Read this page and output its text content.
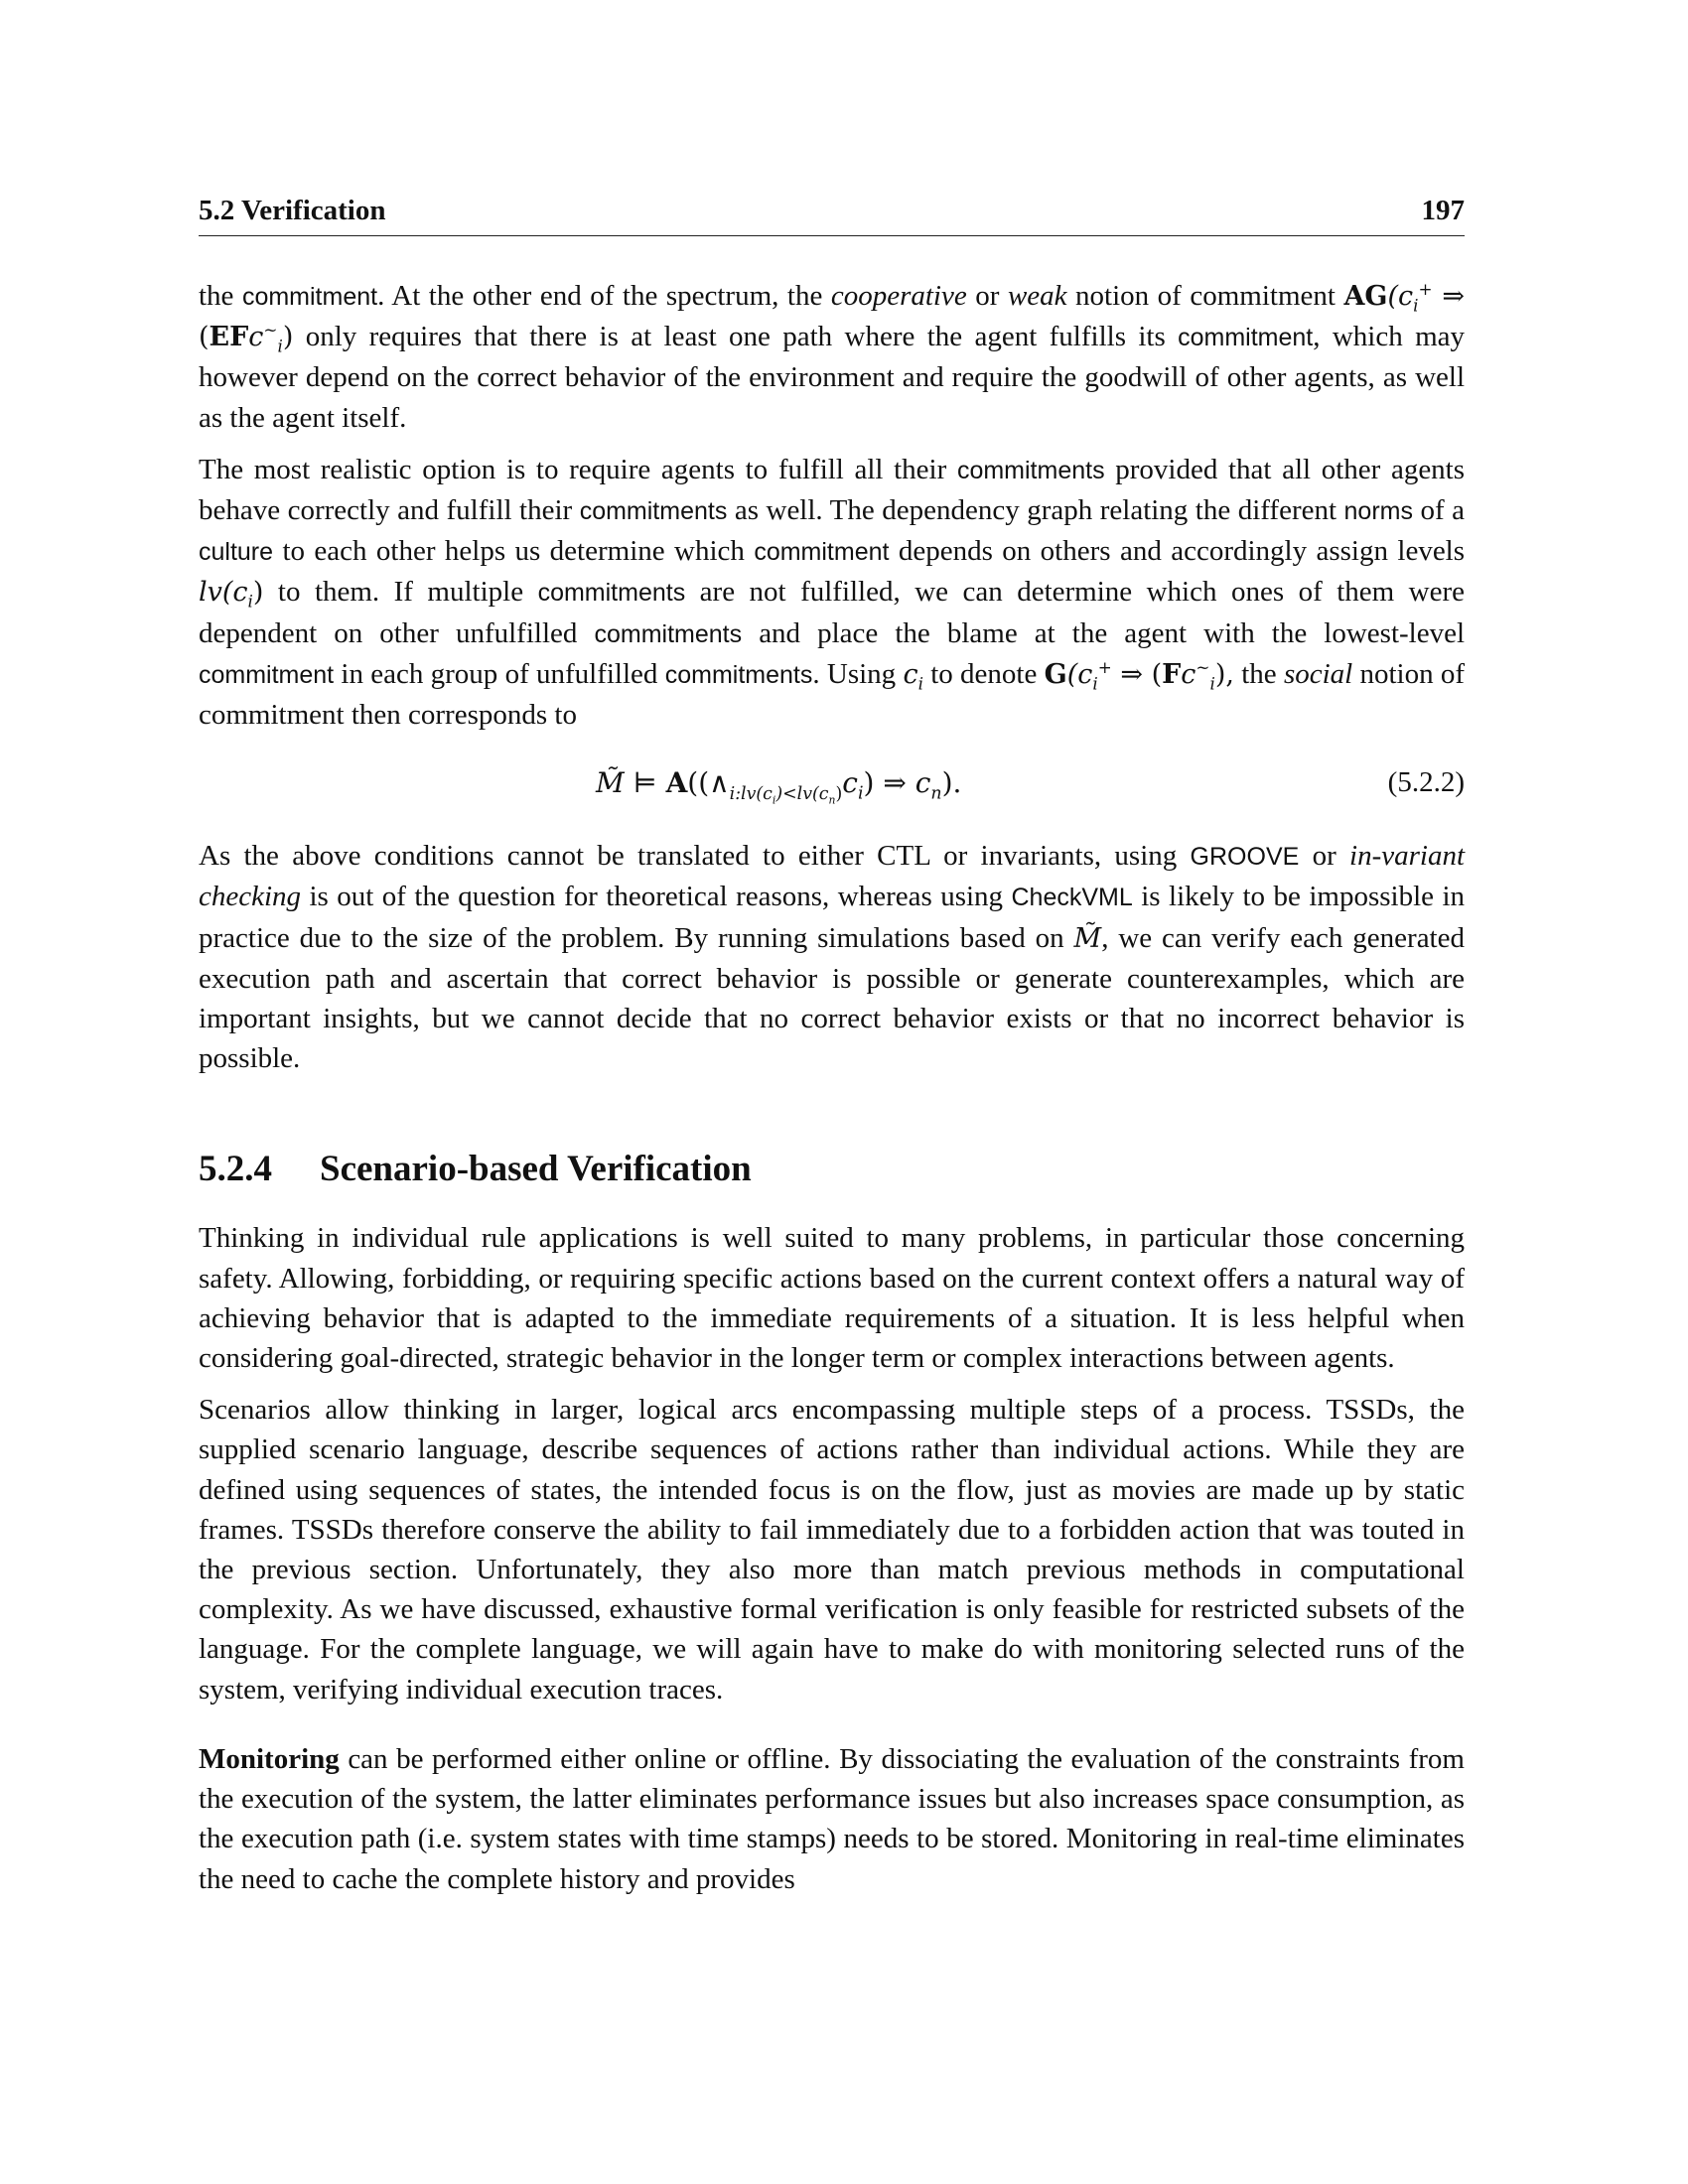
5.2 Verification	197

the commitment. At the other end of the spectrum, the cooperative or weak notion of commitment $AG(c_i^+$ ⇒ (EFc~$_i$) only requires that there is at least one path where the agent fulfills its commitment, which may however depend on the correct behavior of the environment and require the goodwill of other agents, as well as the agent itself.

The most realistic option is to require agents to fulfill all their commitments provided that all other agents behave correctly and fulfill their commitments as well. The dependency graph relating the different norms of a culture to each other helps us determine which commitment depends on others and accordingly assign levels $lv(c_i)$ to them. If multiple commitments are not fulfilled, we can determine which ones of them were dependent on other unfulfilled commitments and place the blame at the agent with the lowest-level commitment in each group of unfulfilled commitments. Using $c_i$ to denote $G(c_i^+$ ⇒ $(Fc^\sim_i)$, the social notion of commitment then corresponds to

M̃ ⊨ $A((\wedge_{i:lv(c_i)<lv(c_n)}c_i)$ ⇒ $c_n$).	(5.2.2)

As the above conditions cannot be translated to either CTL or invariants, using GROOVE or in-variant checking is out of the question for theoretical reasons, whereas using CheckVML is likely to be impossible in practice due to the size of the problem. By running simulations based on M̃, we can verify each generated execution path and ascertain that correct behavior is possible or generate counterexamples, which are important insights, but we cannot decide that no correct behavior exists or that no incorrect behavior is possible.

5.2.4 Scenario-based Verification

Thinking in individual rule applications is well suited to many problems, in particular those concerning safety. Allowing, forbidding, or requiring specific actions based on the current context offers a natural way of achieving behavior that is adapted to the immediate requirements of a situation. It is less helpful when considering goal-directed, strategic behavior in the longer term or complex interactions between agents.

Scenarios allow thinking in larger, logical arcs encompassing multiple steps of a process. TSSDs, the supplied scenario language, describe sequences of actions rather than individual actions. While they are defined using sequences of states, the intended focus is on the flow, just as movies are made up by static frames. TSSDs therefore conserve the ability to fail immediately due to a forbidden action that was touted in the previous section. Unfortunately, they also more than match previous methods in computational complexity. As we have discussed, exhaustive formal verification is only feasible for restricted subsets of the language. For the complete language, we will again have to make do with monitoring selected runs of the system, verifying individual execution traces.

Monitoring can be performed either online or offline. By dissociating the evaluation of the constraints from the execution of the system, the latter eliminates performance issues but also increases space consumption, as the execution path (i.e. system states with time stamps) needs to be stored. Monitoring in real-time eliminates the need to cache the complete history and provides
